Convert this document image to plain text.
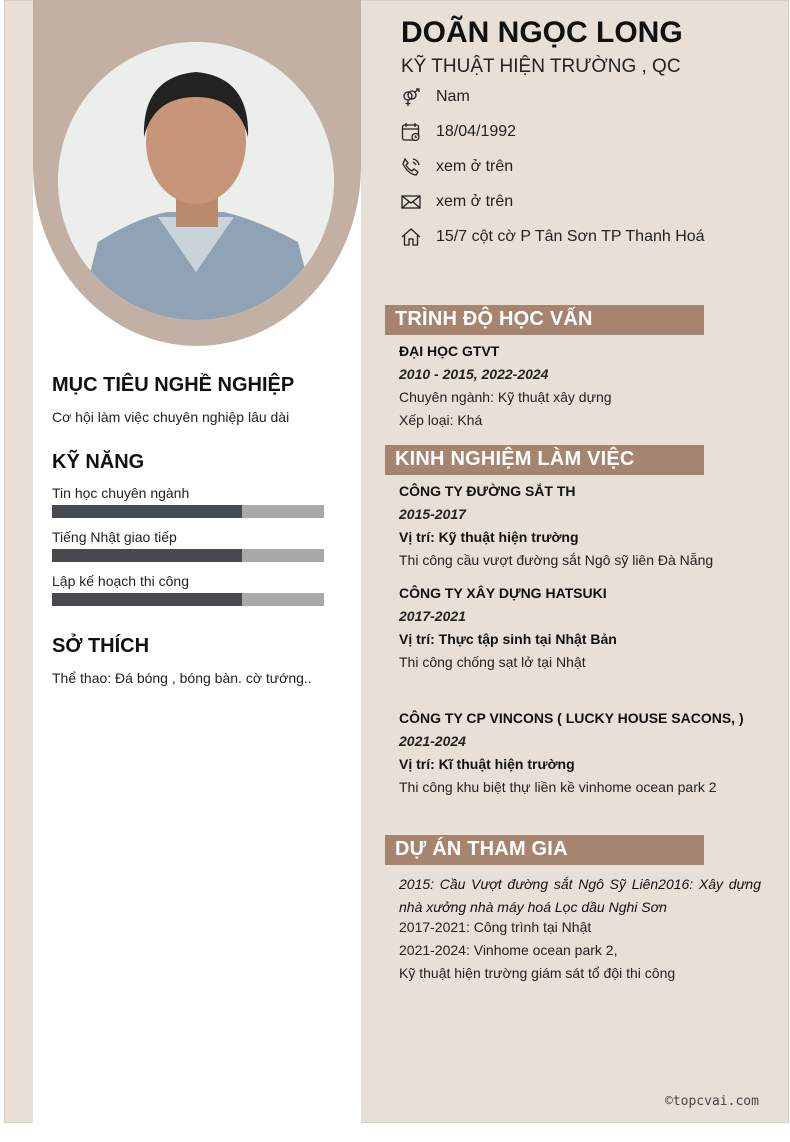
MỤC TIÊU NGHỀ NGHIỆP
Cơ hội làm việc chuyên nghiệp lâu dài
KỸ NĂNG
Tin học chuyên ngành
Tiếng Nhật giao tiếp
Lập kế hoạch thi công
SỞ THÍCH
Thể thao: Đá bóng , bóng bàn. cờ tướng..
DOÃN NGỌC LONG
KỸ THUẬT HIỆN TRƯỜNG , QC
Nam
18/04/1992
xem ở trên
xem ở trên
15/7 cột cờ P Tân Sơn TP Thanh Hoá
TRÌNH ĐỘ HỌC VẤN
ĐẠI HỌC GTVT
2010 - 2015, 2022-2024
Chuyên ngành: Kỹ thuật xây dựng
Xếp loại: Khá
KINH NGHIỆM LÀM VIỆC
CÔNG TY ĐƯỜNG SẮT TH
2015-2017
Vị trí: Kỹ thuật hiện trường
Thi công cầu vượt đường sắt Ngô sỹ liên Đà Nẵng
CÔNG TY XÂY DỰNG HATSUKI
2017-2021
Vị trí: Thực tập sinh tại Nhật Bản
Thi công chống sạt lở tại Nhật
CÔNG TY CP VINCONS ( LUCKY HOUSE SACONS, )
2021-2024
Vị trí: Kĩ thuật hiện trường
Thi công khu biệt thự liền kề vinhome ocean park 2
DỰ ÁN THAM GIA
2015: Cầu Vượt đường sắt Ngô Sỹ Liên2016: Xây dựng nhà xưởng nhà máy hoá Lọc dầu Nghi Sơn
2017-2021: Công trình tại Nhật
2021-2024: Vinhome ocean park 2,
Kỹ thuật hiện trường giám sát tổ đội thi công
©topcvai.com
